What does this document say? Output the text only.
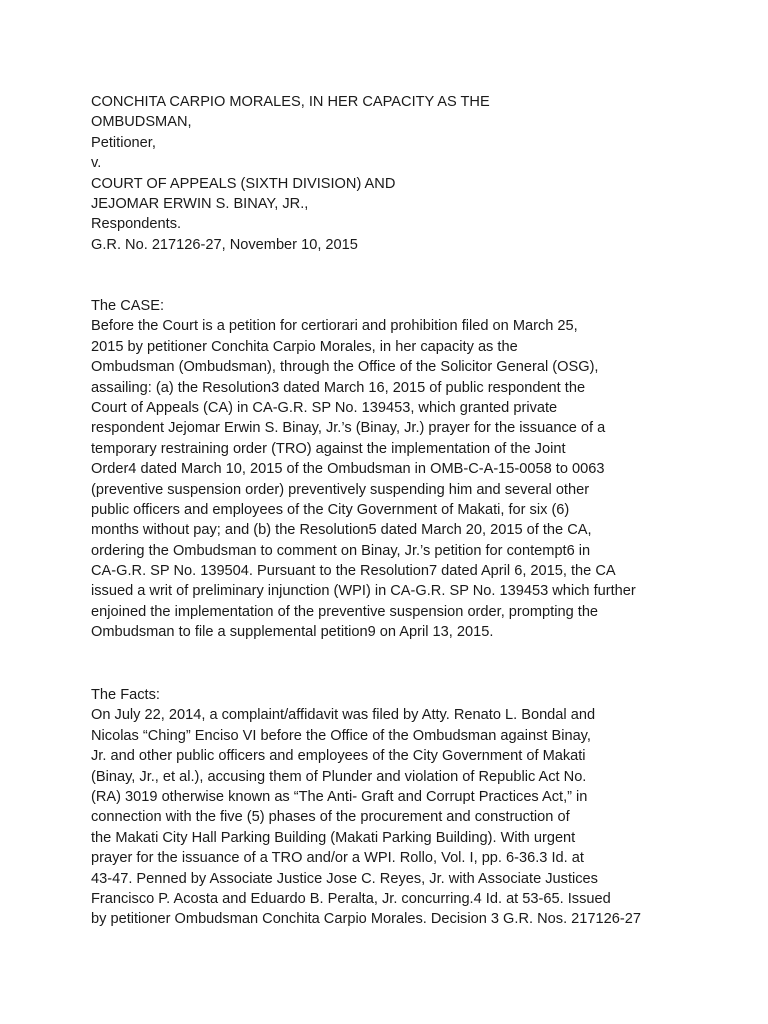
CONCHITA CARPIO MORALES, IN HER CAPACITY AS THE
OMBUDSMAN,
Petitioner,
v.
COURT OF APPEALS (SIXTH DIVISION) AND
JEJOMAR ERWIN S. BINAY, JR.,
Respondents.
G.R. No. 217126-27, November 10, 2015
The CASE:
Before the Court is a petition for certiorari and prohibition filed on March 25,
2015 by petitioner Conchita Carpio Morales, in her capacity as the
Ombudsman (Ombudsman), through the Office of the Solicitor General (OSG),
assailing: (a) the Resolution3 dated March 16, 2015 of public respondent the
Court of Appeals (CA) in CA-G.R. SP No. 139453, which granted private
respondent Jejomar Erwin S. Binay, Jr.’s (Binay, Jr.) prayer for the issuance of a
temporary restraining order (TRO) against the implementation of the Joint
Order4 dated March 10, 2015 of the Ombudsman in OMB-C-A-15-0058 to 0063
(preventive suspension order) preventively suspending him and several other
public officers and employees of the City Government of Makati, for six (6)
months without pay; and (b) the Resolution5 dated March 20, 2015 of the CA,
ordering the Ombudsman to comment on Binay, Jr.’s petition for contempt6 in
CA-G.R. SP No. 139504. Pursuant to the Resolution7 dated April 6, 2015, the CA
issued a writ of preliminary injunction (WPI) in CA-G.R. SP No. 139453 which further
enjoined the implementation of the preventive suspension order, prompting the
Ombudsman to file a supplemental petition9 on April 13, 2015.
The Facts:
On July 22, 2014, a complaint/affidavit was filed by Atty. Renato L. Bondal and
Nicolas “Ching” Enciso VI before the Office of the Ombudsman against Binay,
Jr. and other public officers and employees of the City Government of Makati
(Binay, Jr., et al.), accusing them of Plunder and violation of Republic Act No.
(RA) 3019 otherwise known as “The Anti- Graft and Corrupt Practices Act,” in
connection with the five (5) phases of the procurement and construction of
the Makati City Hall Parking Building (Makati Parking Building). With urgent
prayer for the issuance of a TRO and/or a WPI. Rollo, Vol. I, pp. 6-36.3 Id. at
43-47. Penned by Associate Justice Jose C. Reyes, Jr. with Associate Justices
Francisco P. Acosta and Eduardo B. Peralta, Jr. concurring.4 Id. at 53-65. Issued
by petitioner Ombudsman Conchita Carpio Morales. Decision 3 G.R. Nos. 217126-27
